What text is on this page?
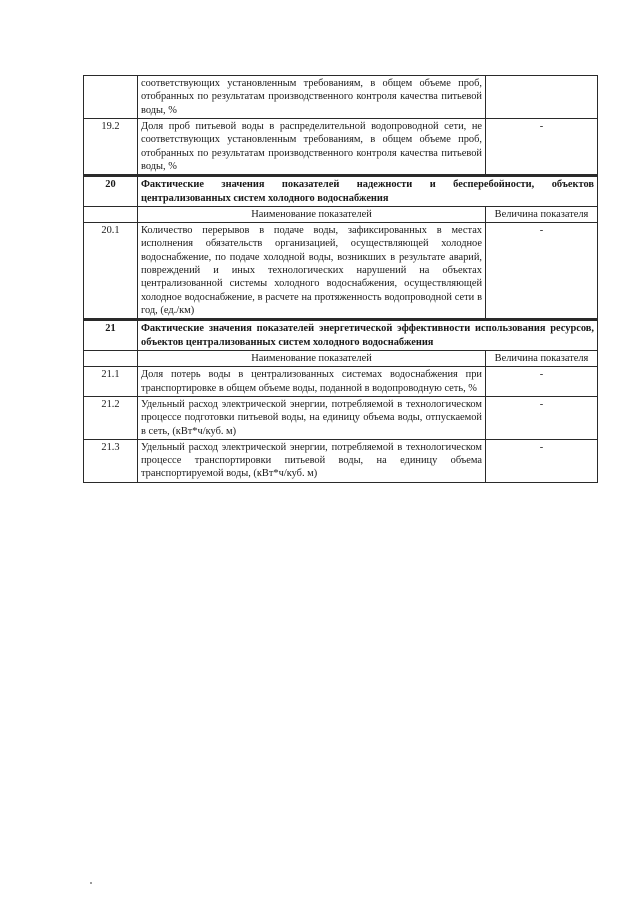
	соответствующих установленным требованиям, в общем объеме проб, отобранных по результатам производственного контроля качества питьевой воды, %	
19.2	Доля проб питьевой воды в распределительной водопроводной сети, не соответствующих установленным требованиям, в общем объеме проб, отобранных по результатам производственного контроля качества питьевой воды, %	-
20	Фактические значения показателей надежности и бесперебойности, объектов централизованных систем холодного водоснабжения	
	Наименование показателей	Величина показателя
20.1	Количество перерывов в подаче воды, зафиксированных в местах исполнения обязательств организацией, осуществляющей холодное водоснабжение, по подаче холодной воды, возникших в результате аварий, повреждений и иных технологических нарушений на объектах централизованной системы холодного водоснабжения, осуществляющей холодное водоснабжение, в расчете на протяженность водопроводной сети в год, (ед./км)	-
21	Фактические значения показателей энергетической эффективности использования ресурсов, объектов централизованных систем холодного водоснабжения	
	Наименование показателей	Величина показателя
21.1	Доля потерь воды в централизованных системах водоснабжения при транспортировке в общем объеме воды, поданной в водопроводную сеть, %	-
21.2	Удельный расход электрической энергии, потребляемой в технологическом процессе подготовки питьевой воды, на единицу объема воды, отпускаемой в сеть, (кВт*ч/куб. м)	-
21.3	Удельный расход электрической энергии, потребляемой в технологическом процессе транспортировки питьевой воды, на единицу объема транспортируемой воды, (кВт*ч/куб. м)	-
